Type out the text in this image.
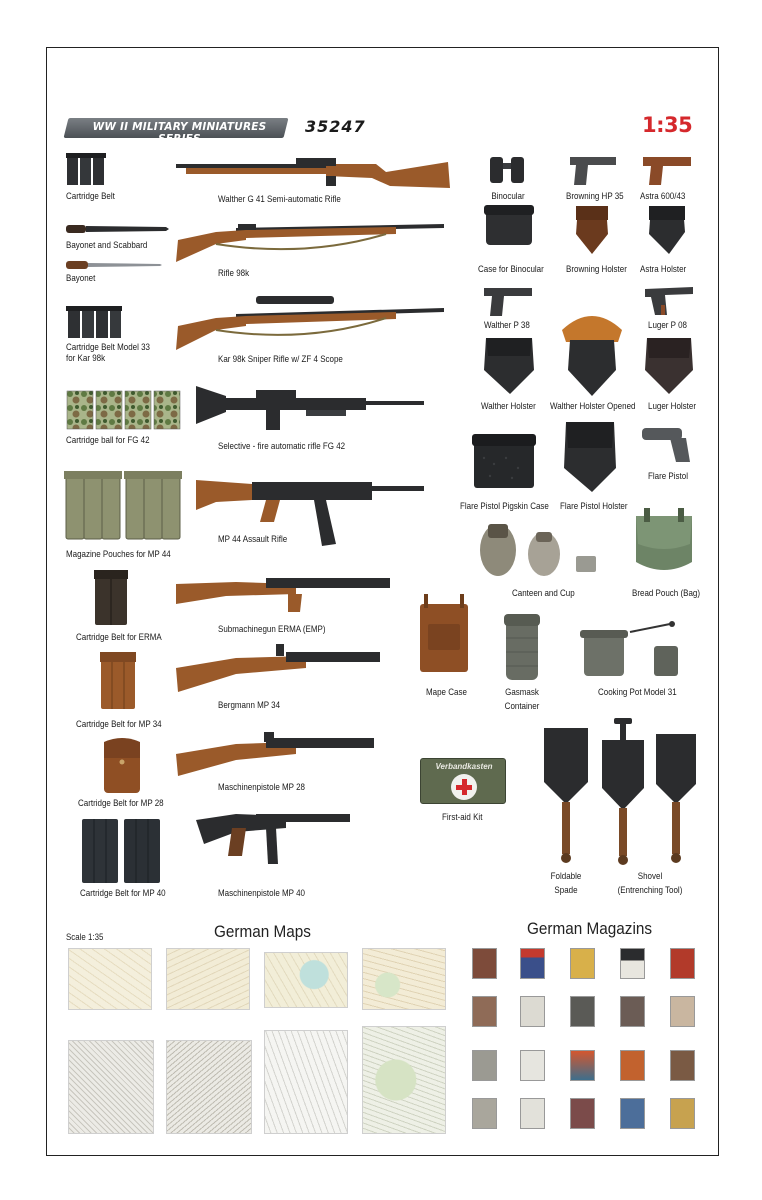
WW II MILITARY MINIATURES SERIES
35247	1:35
Cartridge Belt
Bayonet and Scabbard
Bayonet
Cartridge Belt Model 33
for Kar 98k
Cartridge ball for FG 42
Magazine Pouches for MP 44
Cartridge Belt for ERMA
Cartridge Belt for MP 34
Cartridge Belt for MP 28
Cartridge Belt for MP 40
Walther G 41 Semi-automatic Rifle
Rifle 98k
Kar 98k Sniper Rifle w/ ZF 4 Scope
Selective - fire automatic rifle FG 42
MP 44 Assault Rifle
Submachinegun ERMA (EMP)
Bergmann MP 34
Maschinenpistole MP 28
Maschinenpistole MP 40
Binocular	Browning HP 35 Astra 600/43
Case for Binocular Browning Holster Astra Holster
Walther P 38	Luger P 08
Walther Holster Walther Holster Opened Luger Holster
Flare Pistol
Flare Pistol Pigskin Case Flare Pistol Holster
Canteen and Cup	Bread Pouch (Bag)
Mape Case	Gasmask
Container
Cooking Pot Model 31
Verbandkasten
First-aid Kit
Foldable
Spade
Shovel
(Entrenching Tool)
Scale 1:35	German Maps	German Magazins
